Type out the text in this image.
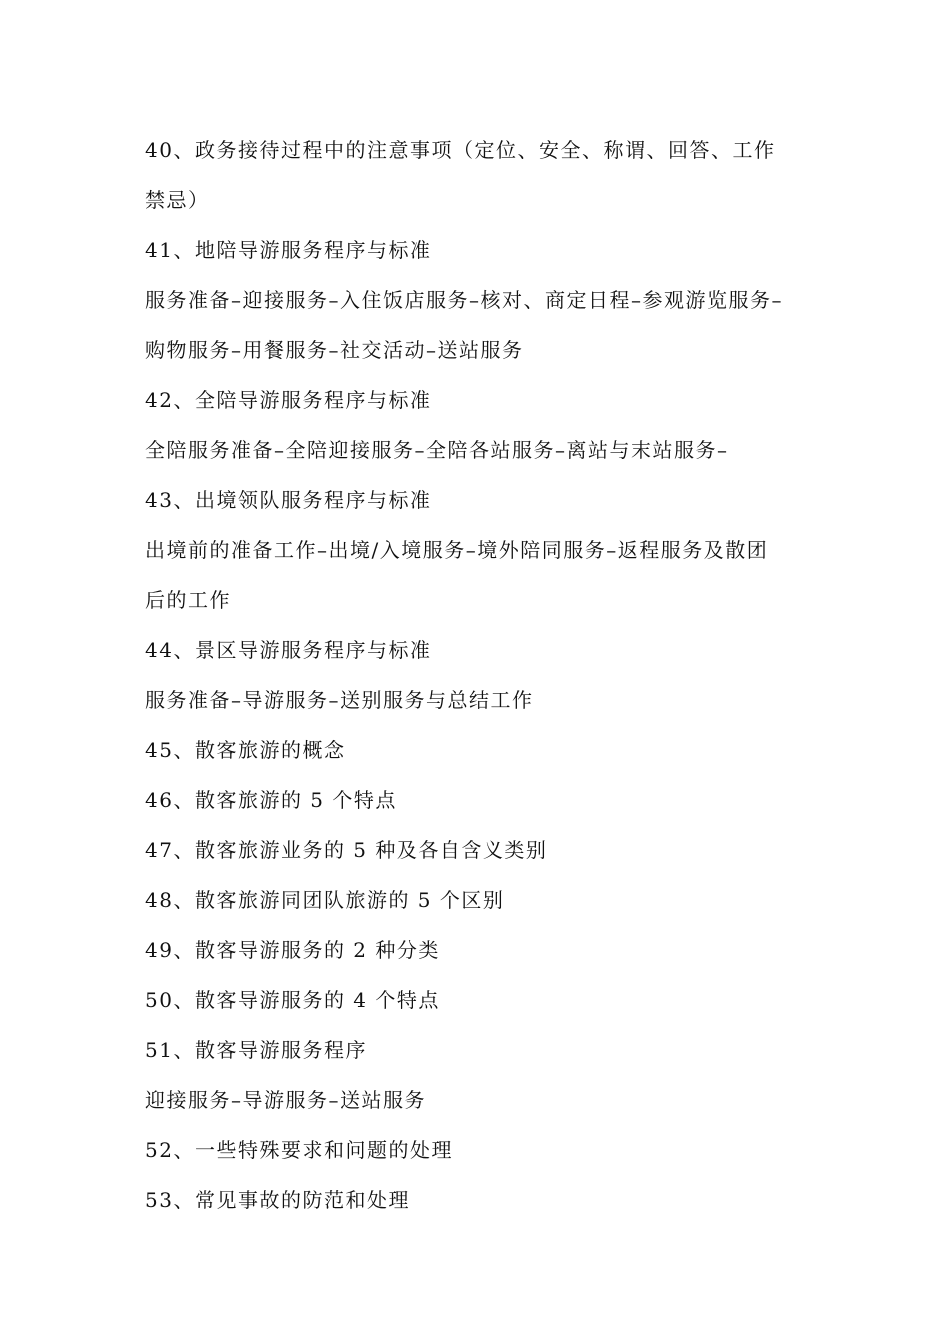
40、政务接待过程中的注意事项（定位、安全、称谓、回答、工作
禁忌）
41、地陪导游服务程序与标准
服务准备–迎接服务–入住饭店服务–核对、商定日程–参观游览服务–
购物服务–用餐服务–社交活动–送站服务
42、全陪导游服务程序与标准
全陪服务准备–全陪迎接服务–全陪各站服务–离站与末站服务–
43、出境领队服务程序与标准
出境前的准备工作–出境/入境服务–境外陪同服务–返程服务及散团
后的工作
44、景区导游服务程序与标准
服务准备–导游服务–送别服务与总结工作
45、散客旅游的概念
46、散客旅游的 5 个特点
47、散客旅游业务的 5 种及各自含义类别
48、散客旅游同团队旅游的 5 个区别
49、散客导游服务的 2 种分类
50、散客导游服务的 4 个特点
51、散客导游服务程序
迎接服务–导游服务–送站服务
52、一些特殊要求和问题的处理
53、常见事故的防范和处理
